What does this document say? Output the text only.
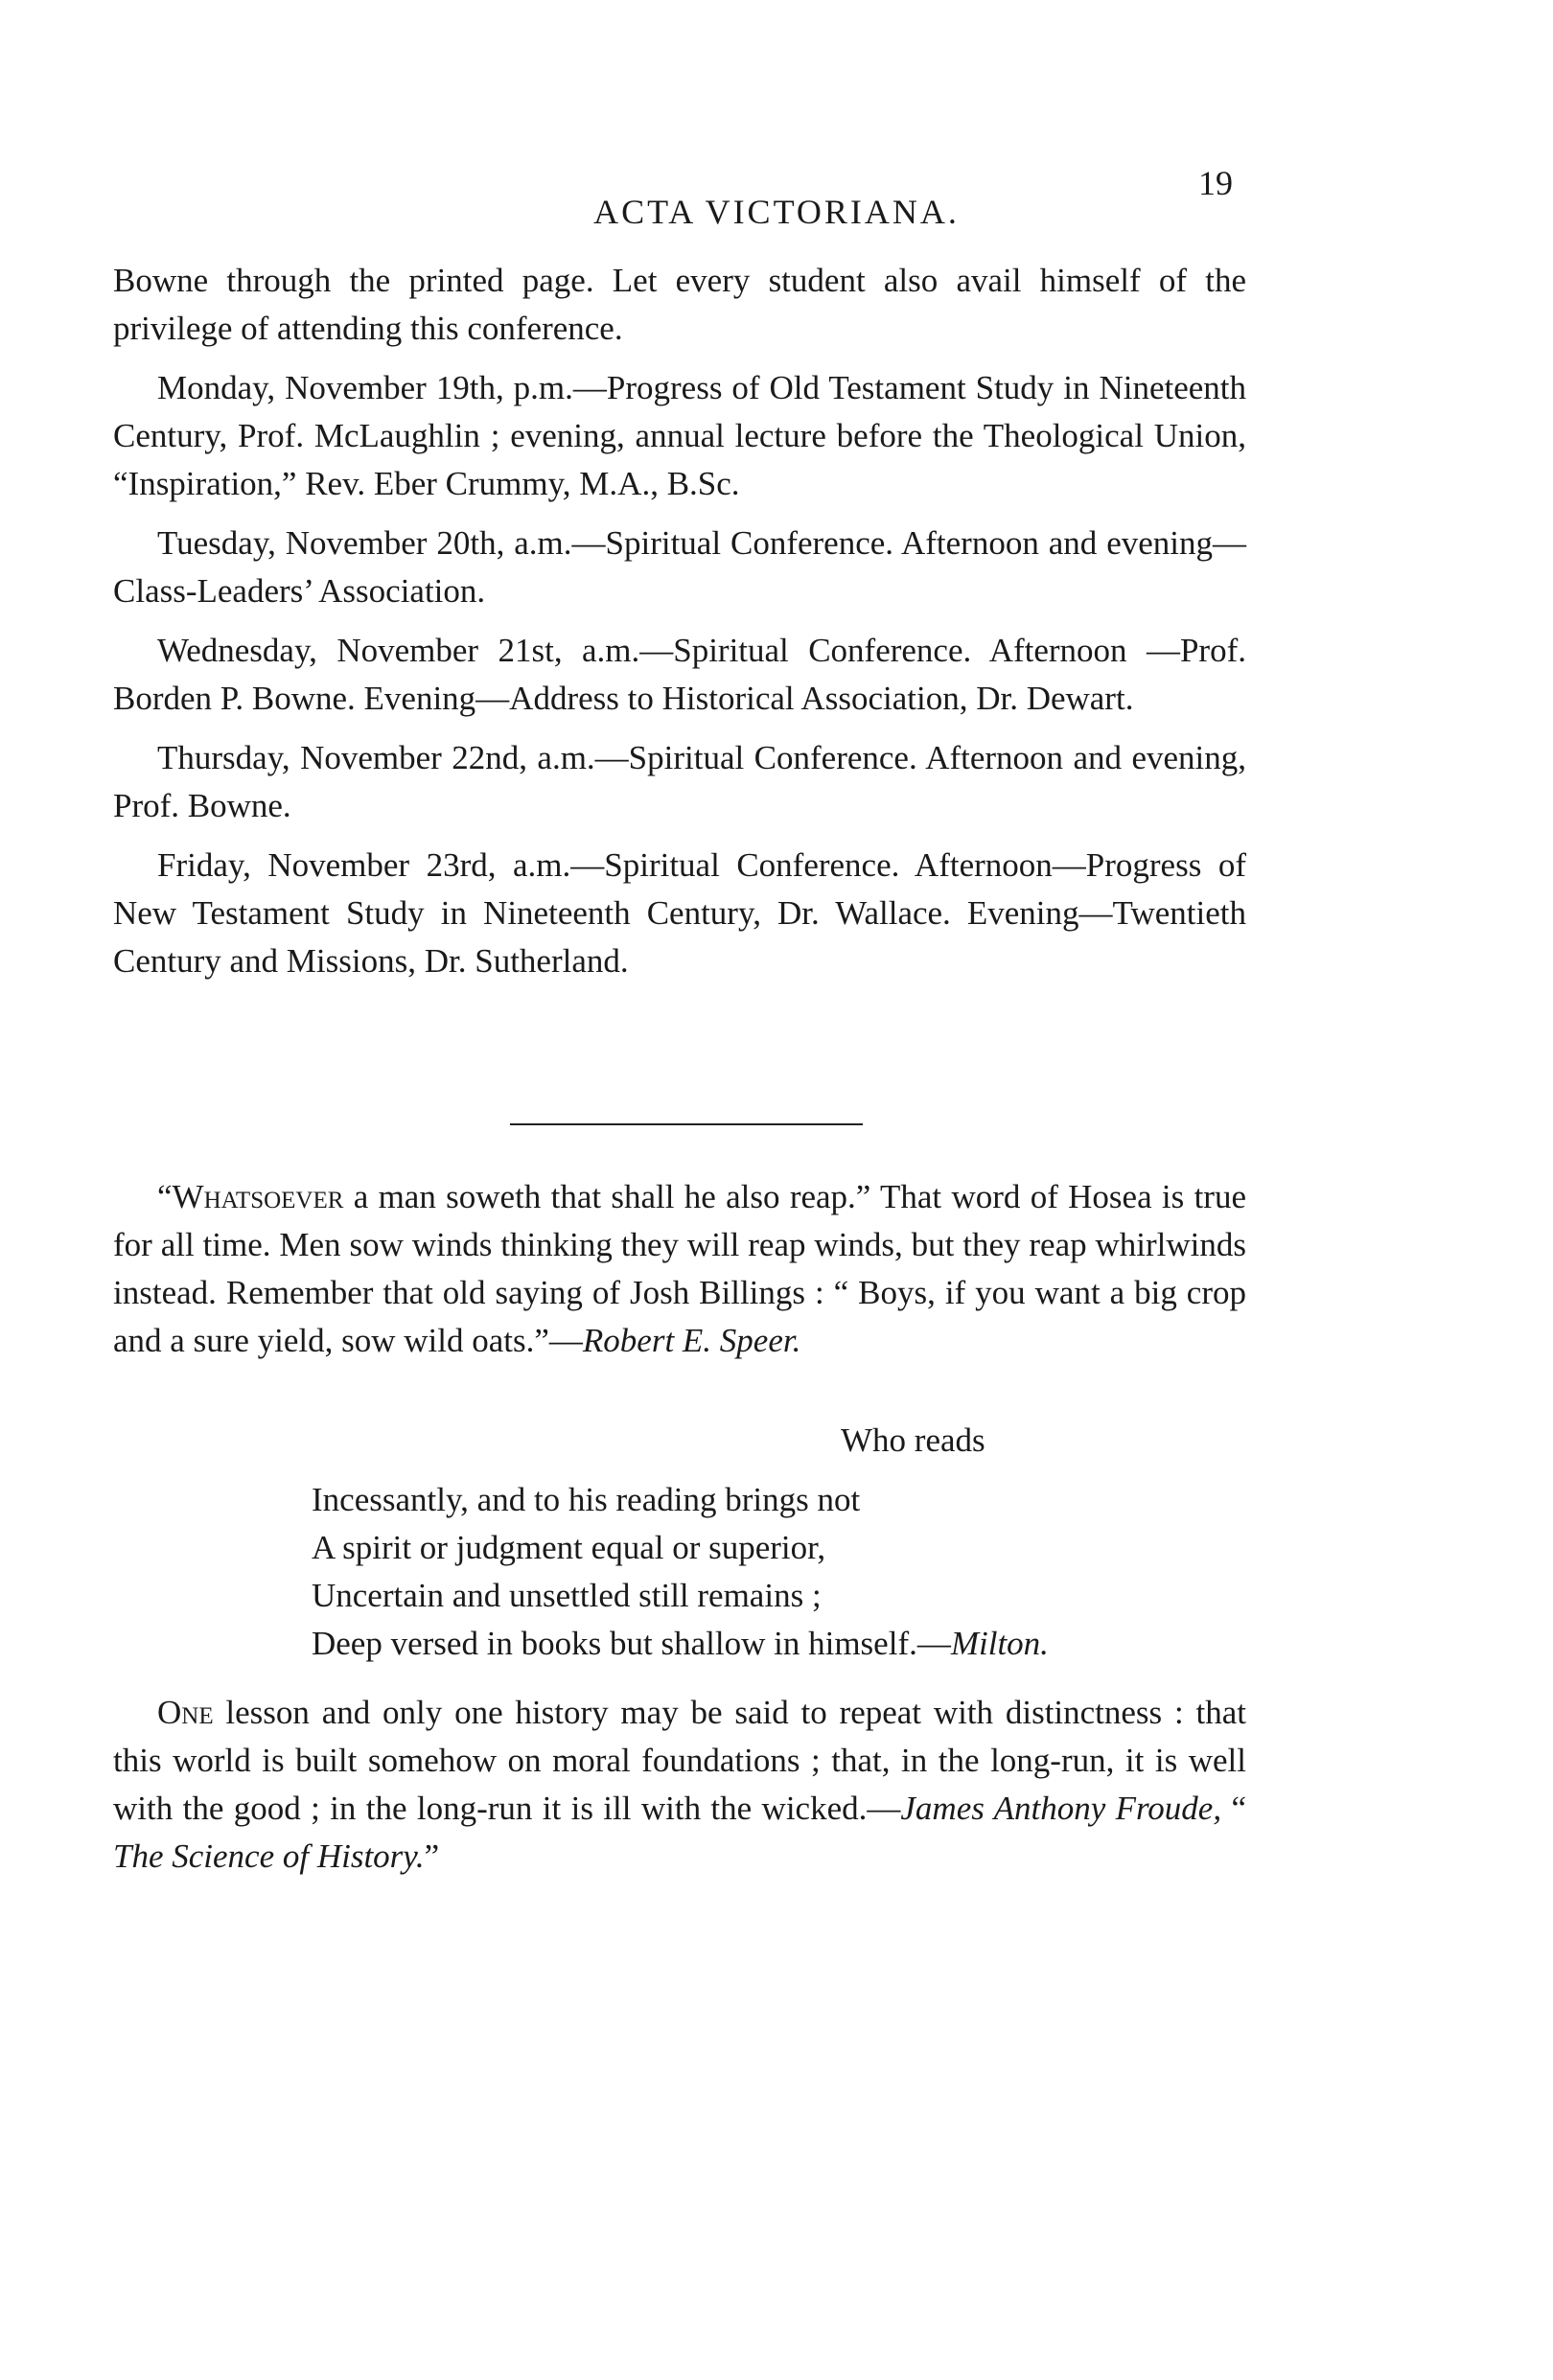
ACTA VICTORIANA.
19

Bowne through the printed page. Let every student also avail himself of the privilege of attending this conference.

Monday, November 19th, p.m.—Progress of Old Testament Study in Nineteenth Century, Prof. McLaughlin ; evening, annual lecture before the Theological Union, “Inspiration,” Rev. Eber Crummy, M.A., B.Sc.

Tuesday, November 20th, a.m.—Spiritual Conference. Afternoon and evening—Class-Leaders’ Association.

Wednesday, November 21st, a.m.—Spiritual Conference. Afternoon —Prof. Borden P. Bowne. Evening—Address to Historical Association, Dr. Dewart.

Thursday, November 22nd, a.m.—Spiritual Conference. Afternoon and evening, Prof. Bowne.

Friday, November 23rd, a.m.—Spiritual Conference. Afternoon—Progress of New Testament Study in Nineteenth Century, Dr. Wallace. Evening—Twentieth Century and Missions, Dr. Sutherland.

“Whatsoever a man soweth that shall he also reap.” That word of Hosea is true for all time. Men sow winds thinking they will reap winds, but they reap whirlwinds instead. Remember that old saying of Josh Billings : “ Boys, if you want a big crop and a sure yield, sow wild oats.”—Robert E. Speer.

Who reads
Incessantly, and to his reading brings not
A spirit or judgment equal or superior,
Uncertain and unsettled still remains ;
Deep versed in books but shallow in himself.—Milton.

One lesson and only one history may be said to repeat with distinctness : that this world is built somehow on moral foundations ; that, in the long-run, it is well with the good ; in the long-run it is ill with the wicked.—James Anthony Froude, “ The Science of History.”
